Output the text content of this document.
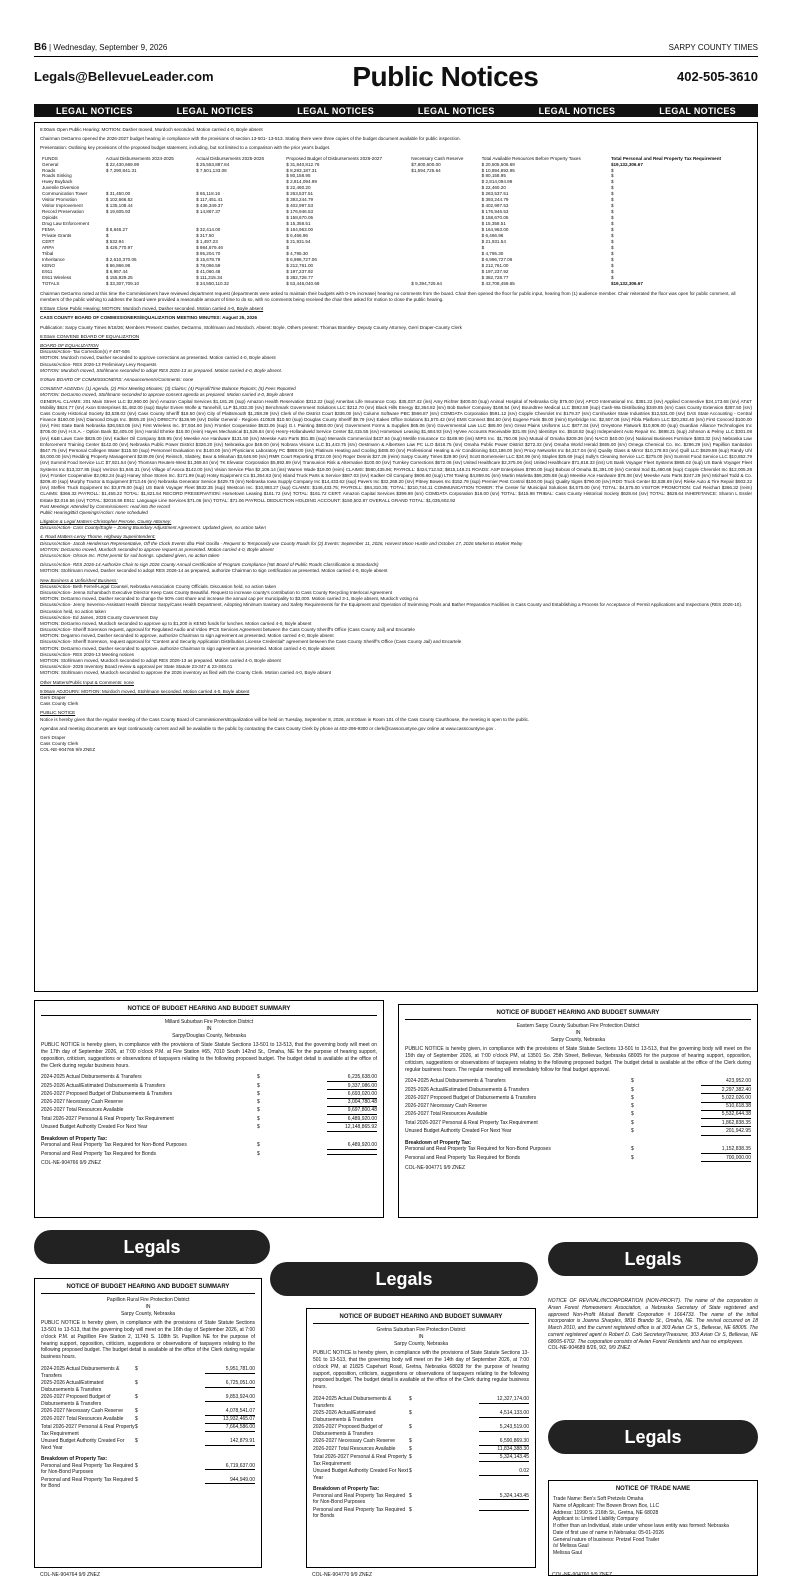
B6 | Wednesday, September 9, 2026	SARPY COUNTY TIMES
Legals@BellevueLeader.com	Public Notices	402-505-3610
LEGAL NOTICES	LEGAL NOTICES	LEGAL NOTICES	LEGAL NOTICES	LEGAL NOTICES	LEGAL NOTICES

8:00am Open Public Hearing: MOTION: Dasher moved, Murdoch seconded. Motion carried 4-0, Boyle absent

Chairman DeGarmo opened the 2026-2027 budget hearing in compliance with the provisions of section 13-501- 13-513. Stating there were three copies of the budget document available for public inspection.

Presentation: Outlining key provisions of the proposed budget statement, including, but not limited to a comparison with the prior year's budget.

FUNDS	Actual Disbursements 2024-2025	Actual Disbursements 2025-2026	Proposed Budget of Disbursements 2026-2027	Necessary Cash Reserve	Total Available Resources Before Property Taxes	Total Personal and Real Property Tax Requirement
General	$ 22,430,669.99	$ 25,553,887.84	$ 31,840,812.76	$7,800,600.00	$ 20,505,506.69	$19,132,306.67
Roads	$ 7,290,841.31	$ 7,501,133.08	$ 8,293,187.31	$1,594,725.64	$ 10,894,892.95	$
Roads Sinking			$ 80,158.95		$ 80,158.95	$
Hwey Buyback			$ 2,814,094.99		$ 2,814,094.99	$
Juvenile Diversion			$ 22,460.20		$ 22,460.20	$
Communication Tower	$ 31,450.00	$ 65,118.16	$ 263,537.51		$ 263,537.51	$
Visitor Promotion	$ 102,666.52	$ 117,451.41	$ 393,244.79		$ 393,244.79	$
Visitor Improvement	$ 135,108.44	$ 436,349.37	$ 402,997.53		$ 402,997.53	$
Record Preservation	$ 19,605.93	$ 14,867.37	$ 176,946.53		$ 176,946.53	$
Opioids			$ 158,670.05		$ 158,670.05	$
Drug Law Enforcement			$ 15,358.51		$ 15,358.51	$
FEMA	$ 8,846.27	$ 32,414.00	$ 164,963.00		$ 164,963.00	$
Private Grants	$	$ 317.50	$ 6,466.96		$ 6,466.96	$
CERT	$ 532.94	$ 1,497.23	$ 21,931.54		$ 21,931.54	$
ARPA	$ 426,770.97	$ 984,679.46	$		$	$
Tribal		$ 95,204.70	$ 4,795.30		$ 4,795.30	$
Inheritance	$ 2,610,370.06	$ 15,678.79	$ 6,996,727.06		$ 6,996,727.06	$
KENO	$ 66,866.98	$ 78,066.59	$ 212,761.00		$ 212,761.00	$
E911	$ 6,957.44	$ 41,060.48	$ 197,237.92		$ 197,237.92	$
E911 Wireless	$ 155,929.25	$ 111,315.34	$ 382,728.77		$ 382,728.77	$
TOTALS	$ 33,307,709.10	$ 34,550,110.32	$ 53,446,040.68	$ 9,394,725.64	$ 43,708,459.65	$19,132,306.67

Chairman DeGarmo noted at this time the Commissioners have reviewed department request (departments were asked to maintain their budgets with 0-1% increase) hearing no comments from the board. Chair then opened the floor for public input, hearing from (1) audience member. Chair reiterated the floor was open for public comment, all members of the public wishing to address the board were provided a reasonable amount of time to do so, with no comments being received the chair then asked for motion to close the public hearing.

8:03am Close Public Hearing: MOTION: Murdoch moved, Dasher seconded. Motion carried 4-0, Boyle absent

CASS COUNTY BOARD OF COMMISSIONERS/EQUALIZATION MEETING MINUTES: August 25, 2026

Publication: Sarpy County Times 9/18/26; Members Present: Dasher, DeGarmo, Stohlmann and Murdoch. Absent: Boyle. Others present: Thomas Brantley- Deputy County Attorney, Gerri Draper-County Clerk

8:03am CONVENE BOARD OF EQUALIZATION

BOARD OF EQUALIZATION

Discuss/Action- Tax Correction(s) # 487-506

MOTION: Murdoch moved, Dasher seconded to approve corrections as presented. Motion carried 4-0, Boyle absent

Discuss/Action- RES 2026-13 Preliminary Levy Requests

MOTION: Murdoch moved, Stohlmann seconded to adopt RES 2026-13 as prepared. Motion carried 4-0, Boyle absent.

9:05am BOARD OF COMMISSIONERS: Announcements/Comments: none

CONSENT AGENDA: (1) Agenda, (2) Prior Meeting Minutes; (3) Claims; (4) Payroll/Time Balance Reports; (5) Fees Reported

MOTION: DeGarmo moved, Stohlmann seconded to approve consent agenda as prepared. Motion carried 4-0, Boyle absent

GENERAL CLAIMS: 201 Main Street LLC $2,960.00 (srv) Amazon Capital Services $1,181.26 (sup) Amazon Health Reservation $312.22 (sup) Ameritas Life Insurance Corp. $35,037.42 (ins) Amy Richter $400.00 (sup) Animal Hospital of Nebraska City $75.00 (srv) APCO International Inc. $381.22 (srv) Applied Connective $24,173.68 (srv) AT&T Mobility $624.77 (srv) Axon Enterprises $1,482.00 (sup) Baylor Evnen Wolfe & Tannehill, LLP $1,832.30 (srv) Benchmark Government Solutions LLC $212.70 (srv) Black Hills Energy $2,364.82 (srv) Bob Barker Company $168.54 (srv) Boundtree Medical LLC $592.58 (sup) Cash-Wa Distributing $349.85 (srv) Cass County Extension $387.50 (srv) Cass County Historical Society $3,538.02 (srv) Cass County Sheriff $18.50 (srv) City of Plattsmouth $1,258.39 (srv) Clerk of the District Court $336.00 (srv) Column Software PBC $566.87 (srv) COMDATA Corporation $591.12 (srv) Copple Chevrolet Inc $179.37 (srv) Cornhusker State Industries $12,531.00 (srv) DAS State Accounting - Central Finance $160.00 (srv) Diamond Drugs Inc. $605.20 (srv) DIRECTV $136.99 (srv) Dollar General - Regions 410526 $10.50 (sup) Douglas County Sheriff $9.79 (srv) Eakes Office Solutions $1,570.42 (srv) EMS Connect $84.50 (srv) Eugene Faris $9.00 (reim) Eyebridge Inc. $2,507.06 (srv) Fibla Platform LLC $20,292.40 (srv) First Concord $100.00 (srv) First State Bank Nebraska $36,553.06 (srv) First Wireless Inc. $7,934.60 (srv) Frontier Cooperative $533.06 (sup) G.I. Painting $650.00 (srv) Government Forms & Supplies $65.06 (srv) Governmental Law LLC $86.00 (srv) Great Plains Uniforms LLC $877.34 (srv) Greystone Flatwork $10,806.00 (sup) Guardian Alliance Technologies Inc $705.00 (srv) H.S.A. - Option Bank $2,405.00 (srv) Harold Ehmke $15.00 (reim) Hayes Mechanical $1,526.84 (srv) Henry-Hollandweld Service Center $2,415.55 (srv) Hometown Leasing $1,684.93 (srv) HyVee Accounts Receivable $31.85 (srv) IdentiSys Inc. $518.82 (sup) Independent Auto Repair Inc. $698.21 (sup) Johnson & Pelmy LLC $301.08 (srv) K&B Lawn Care $825.00 (srv) Kadker Oil Company $48.95 (srv) Meeske Ace Hardware $131.50 (srv) Meeske Auto Parts $51.85 (sup) Menards Commercial $437.64 (sup) Metlife Insurance Co $169.90 (ins) MIPS Inc. $1,750.06 (srv) Mutual of Omaha $209.36 (srv) NACO $40.00 (srv) National Business Furniture $483.32 (srv) Nebraska Law Enforcement Training Center $142.00 (srv) Nebraska Public Power District $326.20 (srv) Nebraska.gov $48.00 (srv) Nobrara Visions LLC $1,443.75 (srv) Oestmann & Albertsen Law PC LLO $418.75 (srv) Omaha Public Power District $272.32 (srv) Omaha World Herald $665.00 (srv) Omega Chemical Co. Inc. $296.29 (srv) Papillion Sanitation $547.75 (srv) Personal Collegen Water $115.50 (sup) Personnel Evaluation Inc $140.00 (srv) Physicians Laboratory PC $868.00 (srv) Platinum Heating and Cooling $485.00 (srv) Professional Heating & Air Conditioning $43,186.00 (srv) Proxy Networks Inc $4,317.04 (srv) Quality Glass & Mirror $10,178.93 (srv) Quill LLC $629.88 (sup) Randy Uhl $4,000.00 (srv) Redding Property Management $249.09 (srv) Reinsch, Slattery, Bear & Minahan $3,646.90 (srv) RMR Court Reporting $722.00 (srv) Roger Dennis $27.26 (reim) Sarpy County Times $29.90 (srv) Scott Bornemeier LLC $34.99 (srv) Staples $25.69 (sup) Sully's Cleaning Service LLC $275.00 (srv) Summit Food Service LLC $10,852.79 (srv) Summit Food Service LLC $7,921.54 (srv) Thomson Reuters-West $1,369.84 (srv) TK Elevator Corporation $5,892.69 (srv) Transunion Risk & Alternative $100.00 (srv) Turnkey Corrections $572.06 (srv) United Healthcare $2,375.06 (ins) United Healthcare $71,818.33 (ins) US Bank Voyager Fleet Systems $865.02 (sup) US Bank Voyager Fleet Systems Inc $13,327.85 (sup) Verizon $1,846.31 (srv) Village of Avoca $142.00 (srv) Vision Service Plan $2,106.14 (ins) Warren Wade $19.00 (reim) CLAIMS: $580,435.96; PAYROLL: $424,712.53; $815,148.21 ROADS: ASP Enterprises $780.00 (sup) Bobcat of Omaha $1,391.00 (srv) Central Sod $1,480.68 (sup) Copple Chevrolet Inc $12,005.28 (srv) Frontier Cooperative $2,082.24 (sup) Haney Shoe Stores Inc. $171.99 (sup) Hotsy Equipment Co $1,354.63 (srv) Island Truck Parts & Service $587.03 (srv) Kadker Oil Company $606.60 (sup) LTM Towing $4,859.91 (srv) Martin Marietta $56,305.88 (sup) Meeske Ace Hardware $76.08 (srv) Meeske Auto Parts $247.29 (srv) Michael Todd & Co. $209.40 (sup) Murphy Tractor & Equipment $713.46 (srv) Nebraska Generator Service $429.75 (srv) Nebraska Iowa Supply Company Inc $14,433.62 (sup) Pavers Inc $32,269.20 (srv) Pitney Bowes Inc $152.79 (sup) Premier Pest Control $100.00 (sup) Quality Signs $790.00 (srv) RDO Truck Center $2,538.69 (srv) Rieke Auto & Tire Repair $503.32 (srv) Steffen Truck Equipment Inc $3,679.00 (sup) US Bank Voyager Fleet $532.35 (sup) Westcon Inc. $10,893.27 (sup) CLAIMS: $146,433.75; PAYROLL: $84,310.35; TOTAL: $210,744.11 COMMUNICATION TOWER: The Center for Municipal Solutions $4,575.00 (srv) TOTAL: $4,575.00 VISITOR PROMOTION: Carl Reichart $366.32 (reim) CLAIMS: $366.32 PAYROLL: $1,455.22 TOTAL: $1,821.54 RECORD PRESERVATION: Hometown Leasing $161.72 (srv) TOTAL: $161.72 CERT: Amazon Capital Services $399.98 (srv) COMDATA Corporation $16.00 (srv) TOTAL: $415.98 TRIBAL: Cass County Historical Society $628.64 (srv) TOTAL: $628.64 INHERITANCE: Sharon L Essler Estate $2,016.56 (srv) TOTAL: $2016.56 E911: Language Line Services $71.06 (srv) TOTAL: $71.06 PAYROLL DEDUCTION HOLDING ACCOUNT: $150,502.87 OVERALL GRAND TOTAL: $1,035,602.92

Past Meetings Attended by Commissioners: read into the record

Public Hearing/Bid Openings/Action: none scheduled

Litigation & Legal Matters-Christopher Perrone, County Attorney:

Discuss/Action- Cass County/Eagle – Zoning Boundary Adjustment Agreement. Updated given, no action taken

4. Road Matters-Leroy Thorne, Highway Superintendent:

Discuss/Action- Jacob Henderson Representative, Off the Clock Events dba Pink Gorilla - Request to Temporarily use County Roads for (2) Events: September 11, 2026, Harvest Moon Hustle and October 17, 2026 Market to Market Relay

MOTION: DeGarmo moved, Murdoch seconded to approve request as presented. Motion carried 4-0, Boyle absent

Discuss/Action- Olsson Inc. ROW permit for soil borings. Updated given, no action taken

Discuss/Action- RES 2026-14 Authorize Chair to sign 2026 County Annual Certification of Program Compliance (NE Board of Public Roads Classification & Standards)

MOTION: Stohlmann moved, Dasher seconded to adopt RES 2026-14 as prepared, authorize Chairman to sign certification as presented. Motion carried 4-0, Boyle absent

New Business & Unfinished Business:

Discuss/Action- Beth Ferrell-Legal Counsel, Nebraska Association County Officials. Discussion held, no action taken
Discuss/Action- Jenna Schambach Executive Director Keep Cass County Beautiful. Request to increase county's contribution to Cass County Recycling Interlocal Agreement
MOTION: DeGarmo moved, Dasher seconded to change the 50% cost share and increase the annual cap per municipality to $3,000. Motion carried 3-1, Boyle absent, Murdoch voting no
Discuss/Action- Jenny Severino-Assistant Health Director Sarpy/Cass Health Department, Adopting Minimum Sanitary and Safety Requirements for the Equipment and Operation of Swimming Pools and Bather Preparation Facilities in Cass County and Establishing a Process for Acceptance of Permit Applications and Inspections (RES 2026-10). Discussion held, no action taken
Discuss/Action- Ed James, 2026 County Government Day
MOTION: DeGarmo moved, Murdoch seconded to approve up to $1,200 in KENO funds for lunches. Motion carried 4-0, Boyle absent
Discuss/Action- Sheriff Sorenson request, approval for Regulated Audio and Video IPCS Services Agreement between the Cass County Sheriff's Office (Cass County Jail) and Encartele
MOTION: Degarmo moved, Dasher seconded to approve, authorize Chairman to sign agreement as presented. Motion carried 4-0, Boyle absent
Discuss/Action- Sheriff Sorenson, request approval for "Content and Security Application Distribution License Credential" agreement between the Cass County Sheriff's Office (Cass County Jail) and Encartele
MOTION: DeGarmo moved, Dasher seconded to approve, authorize Chairman to sign agreement as presented. Motion carried 4-0, Boyle absent
Discuss/Action- RES 2026-13 Meeting notices
MOTION: Stohlmann moved, Murdoch seconded to adopt RES 2026-13 as prepared. Motion carried 4-0, Boyle absent
Discuss/Action- 2026 Inventory Board review & approval per State Statute 23-347 & 23-348.01
MOTION: Stohlmann moved, Murdoch seconded to approve the 2026 inventory as filed with the County Clerk. Motion carried 4-0, Boyle absent

Other Matters/Public Input & Comments: none

9:06am ADJOURN: MOTION: Murdoch moved, Stohlmann seconded. Motion carried 4-0, Boyle absent

Gerri Draper

Cass County Clerk

PUBLIC NOTICE

Notice is hereby given that the regular meeting of the Cass County Board of Commissioners/Equalization will be held on Tuesday, September 8, 2026, at 8:00am in Room 101 of the Cass County Courthouse, the meeting is open to the public.

Agendas and meeting documents are kept continuously current and will be available to the public by contacting the Cass County Clerk by phone at 402-296-9300 or clerk@cassocuntyne.gov online at www.casscountyne.gov .

Gerri Draper

Cass County Clerk

COL-NE-904765 9/9 ZNEZ

NOTICE OF BUDGET HEARING AND BUDGET SUMMARY
Millard Suburban Fire Protection District
IN
Sarpy/Douglas County, Nebraska
PUBLIC NOTICE is hereby given, in compliance with the provisions of State Statute Sections 13-501 to 13-513, that the governing body will meet on the 17th day of September 2026, at 7:00 o'clock P.M. at Fire Station #65, 7010 South 142nd St., Omaha, NE for the purpose of hearing support, opposition, criticism, suggestions or observations of taxpayers relating to the following proposed budget. The budget detail is available at the office of the Clerk during regular business hours.
2024-2025 Actual Disbursements & Transfers	$	6,235,638.00
2025-2026 Actual/Estimated Disbursements & Transfers	$	9,337,086.00
2026-2027 Proposed Budget of Disbursements & Transfers	$	6,693,020.00
2026-2027 Necessary Cash Reserve	$	3,004,780.48
2026-2027 Total Resources Available	$	9,697,800.48
Total 2026-2027 Personal & Real Property Tax Requirement	$	6,489,920.00
Unused Budget Authority Created For Next Year	$	12,148,865.92
Breakdown of Property Tax:
Personal and Real Property Tax Required for Non-Bond Purposes	$	6,489,920.00
Personal and Real Property Tax Required for Bonds	$
COL-NE-904766 9/9 ZNEZ
NOTICE OF BUDGET HEARING AND BUDGET SUMMARY
Eastern Sarpy County Suburban Fire Protection District
IN
Sarpy County, Nebraska
PUBLIC NOTICE is hereby given, in compliance with the provisions of State Statute Sections 13-501 to 13-513, that the governing body will meet on the 15th day of September 2026, at 7:00 o'clock PM, at 13501 So. 25th Street, Bellevue, Nebraska 68005 for the purpose of hearing support, opposition, criticism, suggestions or observations of taxpayers relating to the following proposed budget. The budget detail is available at the office of the Clerk during regular business hours. The regular meeting will immediately follow for final budget approval.
2024-2025 Actual Disbursements & Transfers	$	423,952.00
2025-2026 Actual/Estimated Disbursements & Transfers	$	2,297,382.40
2026-2027 Proposed Budget of Disbursements & Transfers	$	5,022,026.00
2026-2027 Necessary Cash Reserve	$	510,618.38
2026-2027 Total Resources Available	$	5,532,644.38
Total 2026-2027 Personal & Real Property Tax Requirement	$	1,862,838.35
Unused Budget Authority Created For Next Year	$	201,942.95
Breakdown of Property Tax:
Personal and Real Property Tax Required for Non-Bond Purposes	$	1,152,838.35
Personal and Real Property Tax Required for Bonds	$	700,000.00
COL-NE-904771 9/9 ZNEZ
Legals
Legals
Legals
Legals
NOTICE OF BUDGET HEARING AND BUDGET SUMMARY
Papillion Rural Fire Protection District
IN
Sarpy County, Nebraska
PUBLIC NOTICE is hereby given, in compliance with the provisions of State Statute Sections 13-501 to 13-513, that the governing body will meet on the 16th day of September 2026, at 7:00 o'clock P.M. at Papillion Fire Station 2, 11749 S. 108th St. Papillion NE for the purpose of hearing support, opposition, criticism, suggestions or observations of taxpayers relating to the following proposed budget. The budget detail is available at the office of the Clerk during regular business hours.
2024-2025 Actual Disbursements & Transfers
$	5,951,781.00
2025-2026 Actual/Estimated Disbursements & Transfers
$	6,725,051.00
2026-2027 Proposed Budget of Disbursements & Transfers
$	9,853,924.00
2026-2027 Necessary Cash Reserve	$	4,078,541.07
2026-2027 Total Resources Available	$	13,932,465.07
Total 2026-2027 Personal & Real Property Tax Requirement
$	7,664,586.00
Unused Budget Authority Created For Next Year
$	142,879.91
Breakdown of Property Tax:
Personal and Real Property Tax Required for Non-Bond Purposes
$	6,719,637.00
Personal and Real Property Tax Required for Bond
$	944,949.00
NOTICE OF BUDGET HEARING AND BUDGET SUMMARY
Gretna Suburban Fire Protection District
IN
Sarpy County, Nebraska
PUBLIC NOTICE is hereby given, in compliance with the provisions of State Statute Sections 13-501 to 13-513, that the governing body will meet on the 14th day of September 2026, at 7:00 o'clock PM, at 21825 Capehart Road, Gretna, Nebraska 68028 for the purpose of hearing support, opposition, criticism, suggestions or observations of taxpayers relating to the following proposed budget. The budget detail is available at the office of the Clerk during regular business hours.
2024-2025 Actual Disbursements & Transfers
$	12,327,174.00
2025-2026 Actual/Estimated Disbursements & Transfers
$	4,514,133.00
2026-2027 Proposed Budget of Disbursements & Transfers
$	5,243,519.00
2026-2027 Necessary Cash Reserve	$	6,590,869.30
2026-2027 Total Resources Available	$	11,834,388.30
Total 2026-2027 Personal & Real Property Tax Requirement
$	5,324,143.45
Unused Budget Authority Created For Next Year
$	0.02
Breakdown of Property Tax:
Personal and Real Property Tax Required for Non-Bond Purposes
$	5,324,143.45
Personal and Real Property Tax Required for Bonds
$

NOTICE OF REVIVAL/INCORPORATION (NON-PROFIT). The name of the corporation is Arsen Forest Homeowners Association, a Nebraska Secretary of State registered and approved Non-Profit Mutual Benefit Corporation # 1664733. The name of the initial incorporator is Joanna Sharples, 9816 Brando St., Omaha, NE. The revival occurred on 18 March 2010, and the current registered office is at 303 Avian Cir S., Bellevue, NE 68005. The current registered agent is Robert D. Coki Secretary/Treasurer, 303 Avian Cir S, Bellevue, NE 68005-6702. The corporation consists of Avian Forest Residents and has no employees.

COL-NE-904689 8/26, 9/2, 9/9 ZNEZ

NOTICE OF TRADE NAME
Trade Name: Ben's Soft Pretzels Omaha
Name of Applicant: The Bowen Brown Box, LLC
Address: 11990 S. 216th St., Gretna, NE 68028
Applicant is: Limited Liability Company
If other than an Individual, state under whose laws entity was formed: Nebraska
Date of first use of name in Nebraska: 05-01-2026
General nature of business: Pretzel Food Trailer
/s/ Melissa Gaul
Melissa Gaul
COL-NE-904764 9/9 ZNEZ	COL-NE-904770 9/9 ZNEZ	COL-NE-904760 9/9 ZNEZ
